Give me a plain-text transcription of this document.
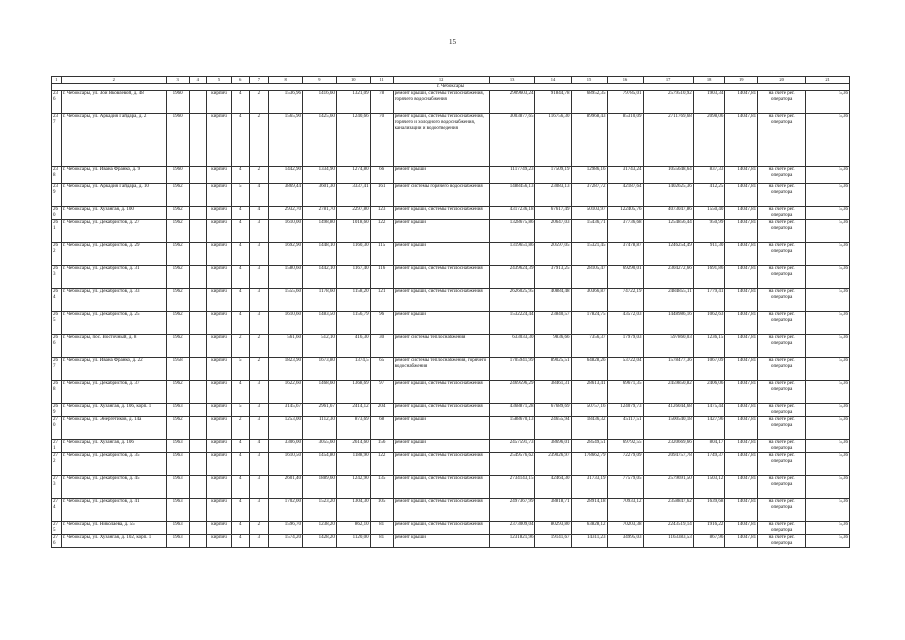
15
1	2	3	4	5	6	7	8	9	10	11	12	13	14	15	16	17	18	19	20	21
г. Чебоксары																				
236	г. Чебоксары, ул. Зои Яковлевой, д. 48	1960		кирпич	4	2	1536,96	1416,60	1321,09	78	ремонт крыши, системы теплоснабжения, горячего водоснабжения	2909603,24	91844,78	68952,35	79785,01	2579510,92	1903,34	14047,81	на счете рег. оператора	5,36
237	г. Чебоксары, ул. Аркадия Гайдара, д. 2	1960		кирпич	4	2	1565,90	1425,60	1240,66	70	ремонт крыши, системы теплоснабжения, горячего и холодного водоснабжения, канализации и водоотведения	3003877,65	116756,30	89968,43	85310,09	2711769,68	2098,06	14047,81	на счете рег. оператора	5,36
238	г. Чебоксары, ул. Ивана Франко, д. 9	1960		кирпич	4	2	1442,90	1334,90	1274,80	66	ремонт крыши	1117749,23	17509,19	12986,16	31743,24	1055648,64	837,33	14047,81	на счете рег. оператора	5,36
239	г. Чебоксары, ул. Аркадия Гайдара, д. 10	1962		кирпич	5	4	3869,44	3601,30	3337,41	161	ремонт системы горячего водоснабжения	1488456,13	23083,13	37287,72	42187,64	1402625,36	412,25	14047,81	на счете рег. оператора	5,36
260	г. Чебоксары, ул. Хузангая, д. 100	1962		кирпич	4	4	2932,70	2781,70	2297,80	123	ремонт крыши, системы теплоснабжения	4317236,18	67617,49	50103,97	122405,76	4073047,86	1550,40	14047,81	на счете рег. оператора	5,36
261	г. Чебоксары, ул. Декабристов, д. 27	1962		кирпич	4	3	1610,00	1498,80	1018,60	122	ремонт крыши	1328675,86	20647,03	15436,71	37736,68	1254856,44	950,99	14047,81	на счете рег. оператора	5,36
262	г. Чебоксары, ул. Декабристов, д. 29	1962		кирпич	4	3	1692,90	1448,10	1160,30	115	ремонт крыши	1319651,86	20597,05	15321,45	37478,87	1246254,49	911,30	14047,81	на счете рег. оператора	5,36
263	г. Чебоксары, ул. Декабристов, д. 31	1962		кирпич	4	3	1580,60	1442,10	1167,40	116	ремонт крыши, системы теплоснабжения	2439624,39	37913,25	28105,47	69290,01	2304272,66	1691,86	14047,81	на счете рег. оператора	5,36
264	г. Чебоксары, ул. Декабристов, д. 33	1962		кирпич	4	3	1555,60	1178,60	1158,20	121	ремонт крыши, системы теплоснабжения	2626025,95	40884,48	30366,87	74722,19	2484855,11	1779,41	14047,81	на счете рег. оператора	5,36
265	г. Чебоксары, ул. Декабристов, д. 25	1962		кирпич	4	3	1610,60	1483,50	1156,79	96	ремонт крыши	1532224,44	23840,57	17824,75	43572,03	1448986,16	1062,63	14047,81	на счете рег. оператора	5,36
266	г. Чебоксары, пос. Восточный, д. 8	1962		кирпич	2	2	561,60	512,10	416,30	30	ремонт системы теплоснабжения	633033,30	9836,66	7356,37	17979,03	597860,03	1236,15	14047,81	на счете рег. оператора	5,36
267	г. Чебоксары, ул. Ивана Франко, д. 22	1958		кирпич	5	2	1823,90	1673,80	1374,5	65	ремонт системы теплоснабжения, горячего водоснабжения	1705941,99	89025,51	64828,26	53722,04	1578477,36	1067,09	14047,81	на счете рег. оператора	5,36
268	г. Чебоксары, ул. Декабристов, д. 37	1962		кирпич	4	3	1622,60	1468,60	1368,69	97	ремонт крыши, системы теплоснабжения	2469596,29	38461,31	28613,41	69671,35	2459850,82	2406,06	14047,81	на счете рег. оператора	5,36
269	г. Чебоксары, ул. Хузангая, д. 106, корп. 1	1963		кирпич	5	3	3145,67	2961,67	2414,12	204	ремонт крыши, системы теплоснабжения	4368871,28	67689,69	50757,16	124079,73	4126044,68	1475,44	14047,81	на счете рег. оператора	5,36
270	г. Чебоксары, ул. Энергетиков, д. 14а	1962		кирпич	2	3	1253,00	1112,30	873,69	68	ремонт крыши	1588670,13	24655,94	18436,32	45117,51	1500540,18	1427,96	14047,81	на счете рег. оператора	5,36
271	г. Чебоксары, ул. Хузангая, д. 106	1963		кирпич	4	4	3306,00	3055,60	2614,60	156	ремонт крыши	2457591,73	38696,01	28549,51	69792,55	2320669,66	804,17	14047,81	на счете рег. оператора	5,36
272	г. Чебоксары, ул. Декабристов, д. 35	1963		кирпич	4	3	1610,50	1454,80	1188,90	122	ремонт крыши, системы теплоснабжения	2549576,62	239026,97	178662,79	72279,09	2094757,78	1749,37	14047,81	на счете рег. оператора	5,36
273	г. Чебоксары, ул. Декабристов, д. 45	1963		кирпич	4	3	2601,40	1889,60	1242,90	135	ремонт крыши, системы теплоснабжения	2734143,15	42464,30	31733,19	77579,05	2579691,50	1503,12	14047,81	на счете рег. оператора	5,36
274	г. Чебоксары, ул. Декабристов, д. 41	1963		кирпич	4	3	1702,00	1523,20	1304,30	105	ремонт крыши, системы теплоснабжения	2497367,99	38818,71	28914,18	70933,12	2358847,62	1639,68	14047,81	на счете рег. оператора	5,36
275	г. Чебоксары, ул. Николаева, д. 55	1963		кирпич	4	2	1596,70	1238,20	862,10	81	ремонт крыши, системы теплоснабжения	2373009,04	80293,80	63828,12	70203,38	2243519,14	1916,22	14047,81	на счете рег. оператора	5,36
276	г. Чебоксары, ул. Хузангая, д. 102, корп. 1	1963		кирпич	4	3	1574,20	1428,20	1120,00	81	ремонт крыши	1231821,96	19141,67	14311,23	34995,03	1163383,53	867,96	14047,81	на счете рег. оператора	5,36
